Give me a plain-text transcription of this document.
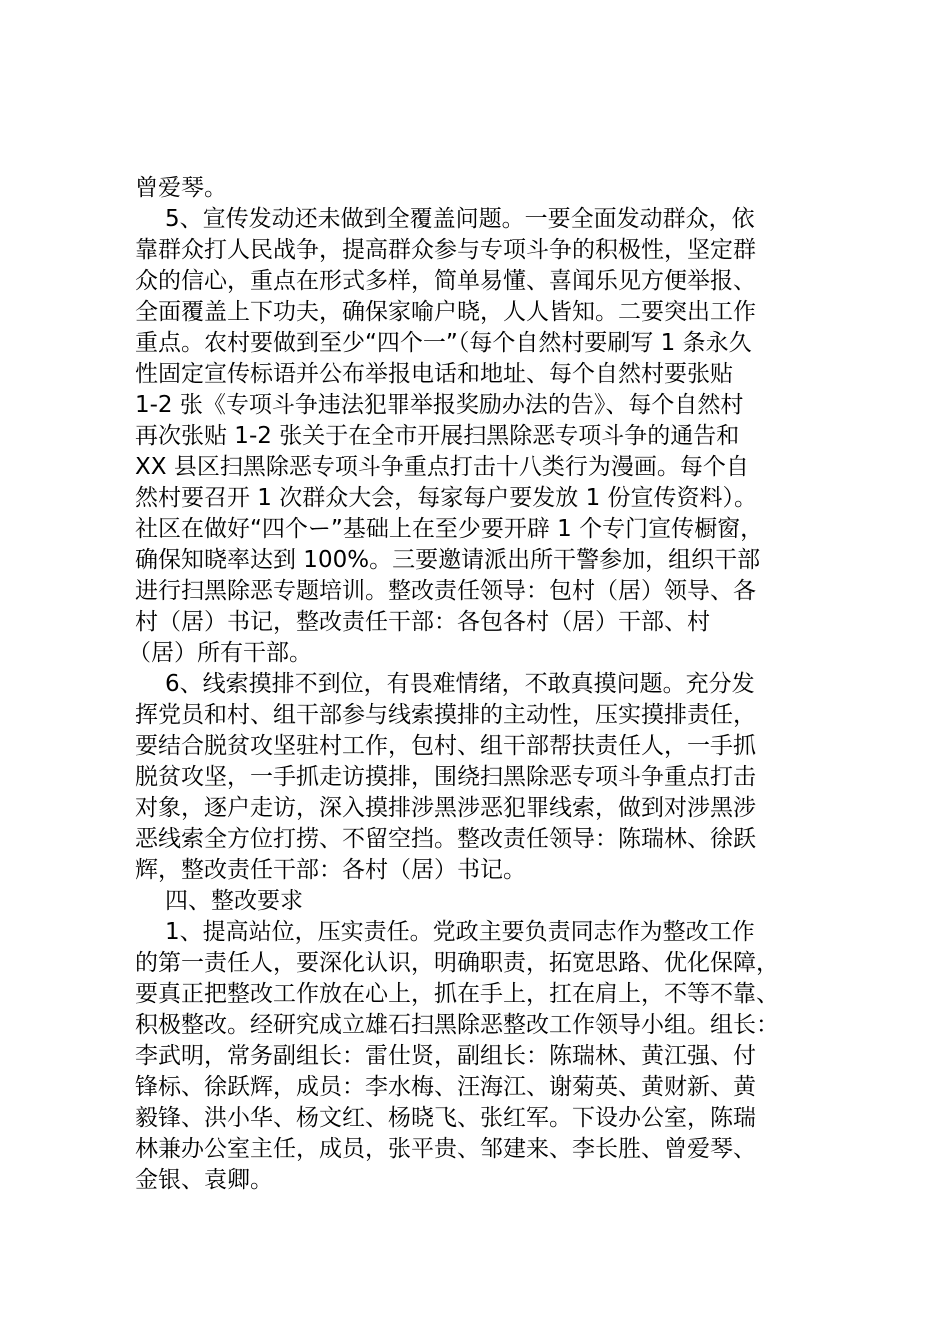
曾爱琴。
5、宣传发动还未做到全覆盖问题。一要全面发动群众，依
靠群众打人民战争，提高群众参与专项斗争的积极性，坚定群
众的信心，重点在形式多样，简单易懂、喜闻乐见方便举报、
全面覆盖上下功夫，确保家喻户晓，人人皆知。二要突出工作
重点。农村要做到至少“四个一”（每个自然村要刷写 1 条永久
性固定宣传标语并公布举报电话和地址、每个自然村要张贴
1-2 张《专项斗争违法犯罪举报奖励办法的告》、每个自然村
再次张贴 1-2 张关于在全市开展扫黑除恶专项斗争的通告和
XX 县区扫黑除恶专项斗争重点打击十八类行为漫画。每个自
然村要召开 1 次群众大会，每家每户要发放 1 份宣传资料）。
社区在做好“四个ー”基础上在至少要开辟 1 个专门宣传橱窗，
确保知晓率达到 100%。三要邀请派出所干警参加，组织干部
进行扫黑除恶专题培训。整改责任领导：包村（居）领导、各
村（居）书记，整改责任干部：各包各村（居）干部、村
（居）所有干部。
6、线索摸排不到位，有畏难情绪，不敢真摸问题。充分发
挥党员和村、组干部参与线索摸排的主动性，压实摸排责任，
要结合脱贫攻坚驻村工作，包村、组干部帮扶责任人，一手抓
脱贫攻坚，一手抓走访摸排，围绕扫黑除恶专项斗争重点打击
对象，逐户走访，深入摸排涉黑涉恶犯罪线索，做到对涉黑涉
恶线索全方位打捞、不留空挡。整改责任领导：陈瑞林、徐跃
辉，整改责任干部：各村（居）书记。
四、整改要求
1、提高站位，压实责任。党政主要负责同志作为整改工作
的第一责任人，要深化认识，明确职责，拓宽思路、优化保障，
要真正把整改工作放在心上，抓在手上，扛在肩上，不等不靠、
积极整改。经研究成立雄石扫黑除恶整改工作领导小组。组长：
李武明，常务副组长：雷仕贤，副组长：陈瑞林、黄江强、付
锋标、徐跃辉，成员：李水梅、汪海江、谢菊英、黄财新、黄
毅锋、洪小华、杨文红、杨晓飞、张红军。下设办公室，陈瑞
林兼办公室主任，成员，张平贵、邹建来、李长胜、曾爱琴、
金银、袁卿。
